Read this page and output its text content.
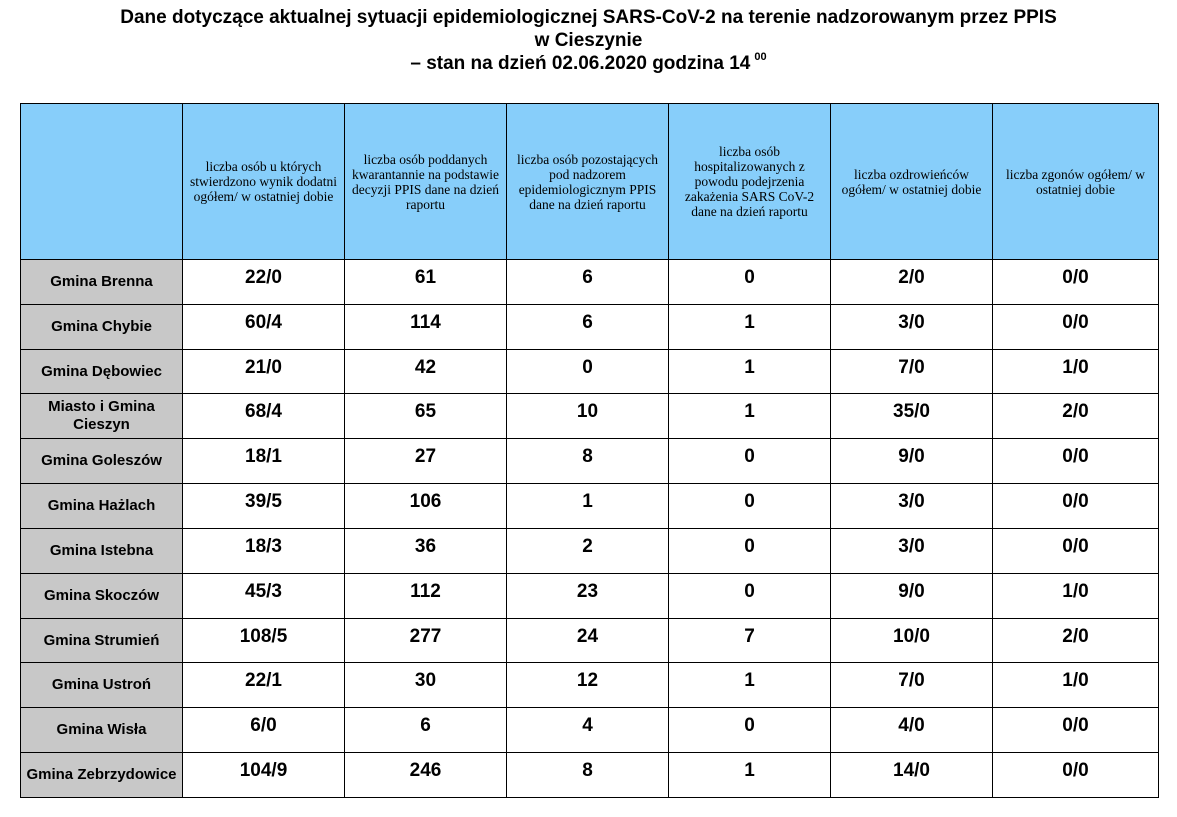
Dane dotyczące aktualnej sytuacji epidemiologicznej SARS-CoV-2 na terenie nadzorowanym przez PPIS
w Cieszynie
– stan na dzień 02.06.2020 godzina 14 $^{00}$

	liczba osób u których stwierdzono wynik dodatni ogółem/ w ostatniej dobie	liczba osób poddanych kwarantannie na podstawie decyzji PPIS dane na dzień raportu	liczba osób pozostających pod nadzorem epidemiologicznym PPIS dane na dzień raportu	liczba osób hospitalizowanych z powodu podejrzenia zakażenia SARS CoV-2 dane na dzień raportu	liczba ozdrowieńców ogółem/ w ostatniej dobie	liczba zgonów ogółem/ w ostatniej dobie

Gmina Brenna	22/0	61	6	0	2/0	0/0
Gmina Chybie	60/4	114	6	1	3/0	0/0
Gmina Dębowiec	21/0	42	0	1	7/0	1/0
Miasto i Gmina Cieszyn	68/4	65	10	1	35/0	2/0
Gmina Goleszów	18/1	27	8	0	9/0	0/0
Gmina Hażlach	39/5	106	1	0	3/0	0/0
Gmina Istebna	18/3	36	2	0	3/0	0/0
Gmina Skoczów	45/3	112	23	0	9/0	1/0
Gmina Strumień	108/5	277	24	7	10/0	2/0
Gmina Ustroń	22/1	30	12	1	7/0	1/0
Gmina Wisła	6/0	6	4	0	4/0	0/0
Gmina Zebrzydowice	104/9	246	8	1	14/0	0/0
